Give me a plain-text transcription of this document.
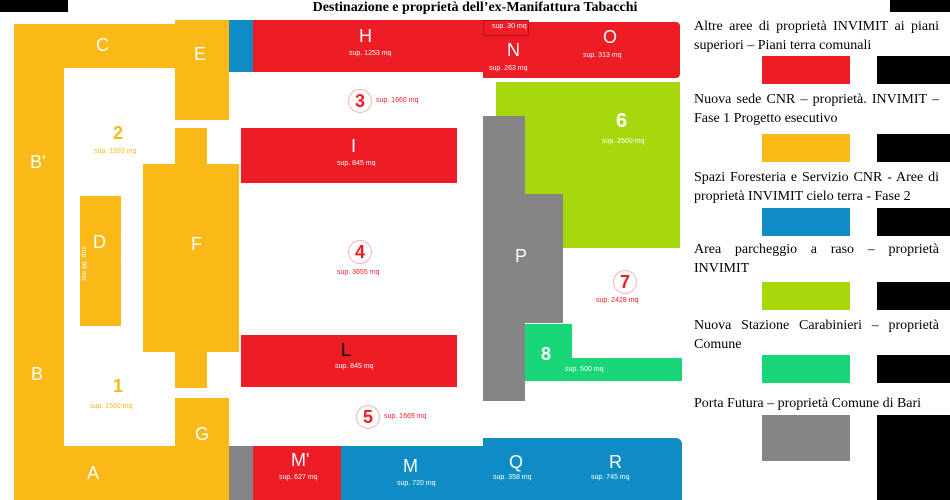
Destinazione e proprietà dell’ex-Manifattura Tabacchi
C	E
B'
B
A
D
sup. 98 mq	sup. 98 mq	F
G
H
sup. 1253 mq
sup. 30 mq
N
sup. 263 mq
O
sup. 313 mq
I
sup. 845 mq
L
sup. 845 mq
6
sup. 2500 mq
P
8
sup. 500 mq
M'
sup. 627 mq
M
sup. 720 mq
Q
sup. 358 mq
R
sup. 745 mq
2
sup. 1593 mq
1
sup. 1560 mq
3	sup. 1660 mq
4
sup. 3655 mq
5	sup. 1669 mq
7
sup. 2428 mq
Altre aree di proprietà INVIMIT ai piani superiori – Piani terra comunali
Nuova sede CNR – proprietà. INVIMIT – Fase 1 Progetto esecutivo
Spazi Foresteria e Servizio CNR - Aree di proprietà INVIMIT cielo terra - Fase 2
Area parcheggio a raso – proprietà INVIMIT
Nuova Stazione Carabinieri – proprietà Comune
Porta Futura – proprietà Comune di Bari
